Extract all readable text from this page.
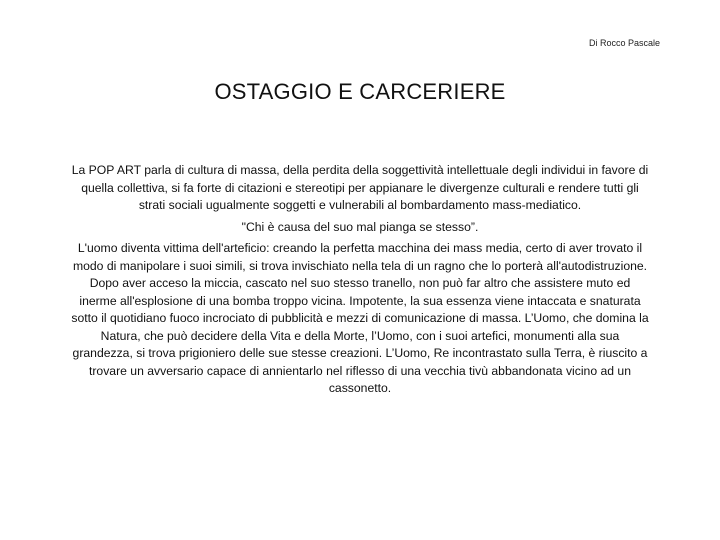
Di Rocco Pascale
OSTAGGIO E CARCERIERE

La POP ART parla di cultura di massa, della perdita della soggettività intellettuale degli individui in favore di quella collettiva, si fa forte di citazioni e stereotipi per appianare le divergenze culturali e rendere tutti gli strati sociali ugualmente soggetti e vulnerabili al bombardamento mass-mediatico.

"Chi è causa del suo mal pianga se stesso”.

L'uomo diventa vittima dell'arteficio: creando la perfetta macchina dei mass media, certo di aver trovato il modo di manipolare i suoi simili, si trova invischiato nella tela di un ragno che lo porterà all'autodistruzione. Dopo aver acceso la miccia, cascato nel suo stesso tranello, non può far altro che assistere muto ed inerme all'esplosione di una bomba troppo vicina. Impotente, la sua essenza viene intaccata e snaturata sotto il quotidiano fuoco incrociato di pubblicità e mezzi di comunicazione di massa. L’Uomo, che domina la Natura, che può decidere della Vita e della Morte, l’Uomo, con i suoi artefici, monumenti alla sua grandezza, si trova prigioniero delle sue stesse creazioni. L’Uomo, Re incontrastato sulla Terra, è riuscito a trovare un avversario capace di annientarlo nel riflesso di una vecchia tivù abbandonata vicino ad un cassonetto.
